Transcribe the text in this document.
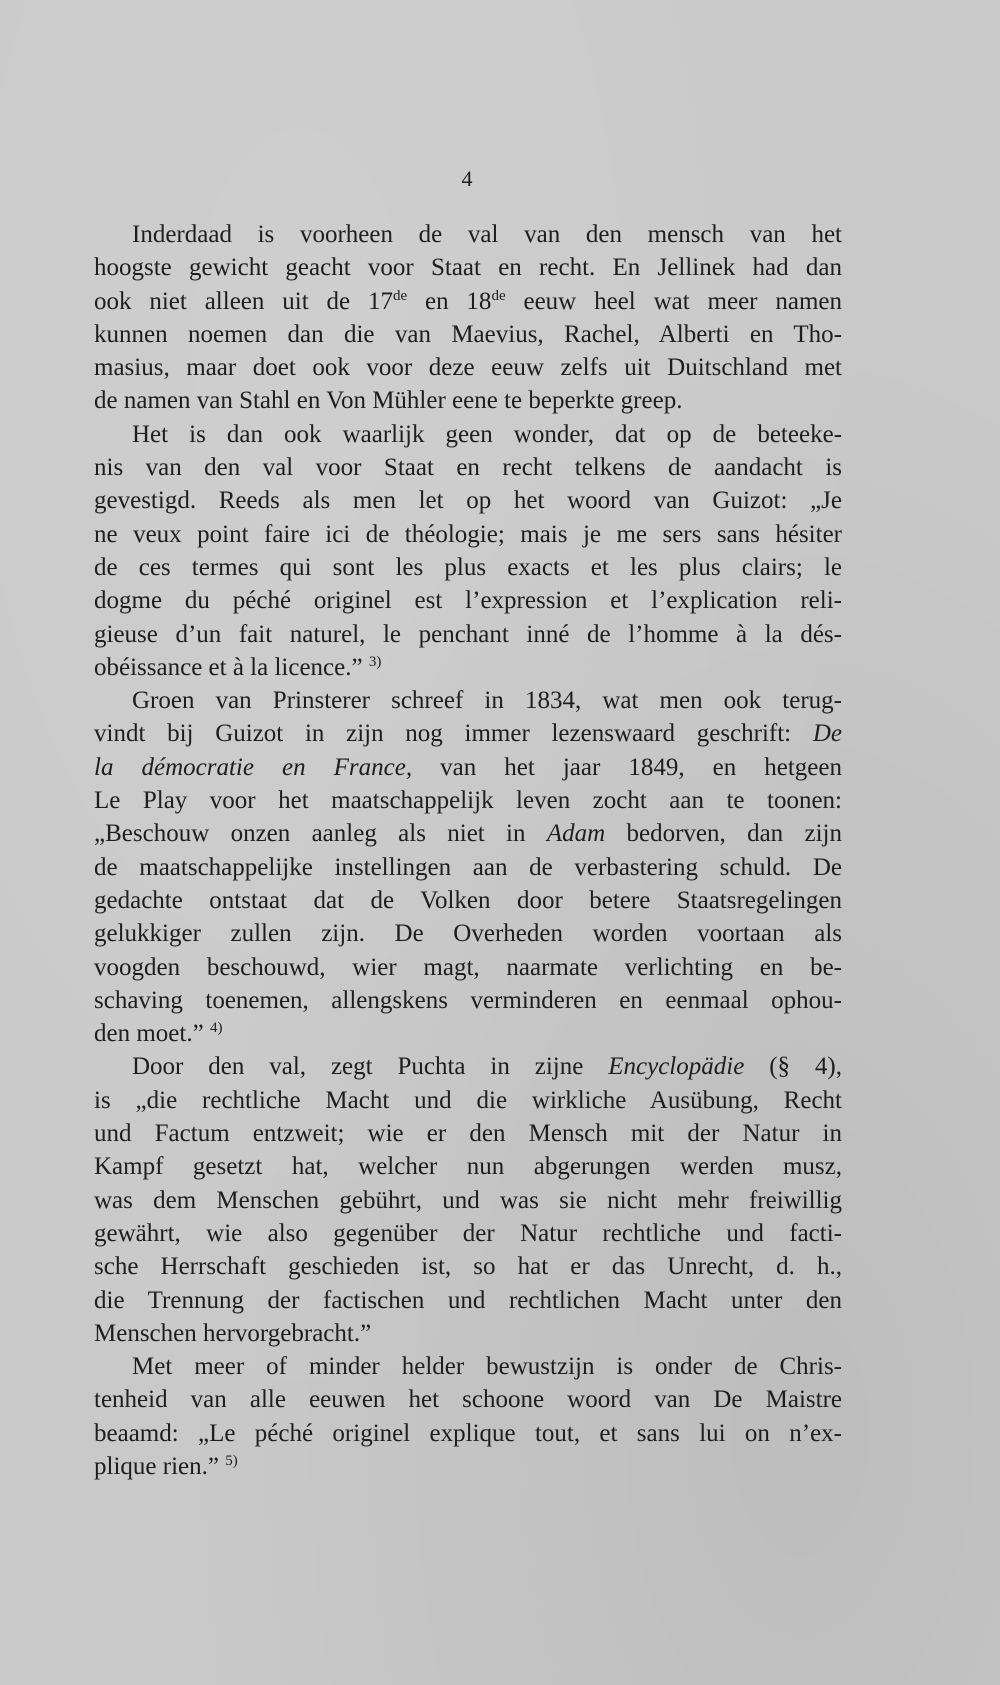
4
Inderdaad is voorheen de val van den mensch van het
hoogste gewicht geacht voor Staat en recht. En Jellinek had dan
ook niet alleen uit de 17de en 18de eeuw heel wat meer namen
kunnen noemen dan die van Maevius, Rachel, Alberti en Tho-
masius, maar doet ook voor deze eeuw zelfs uit Duitschland met
de namen van Stahl en Von Mühler eene te beperkte greep.
Het is dan ook waarlijk geen wonder, dat op de beteeke-
nis van den val voor Staat en recht telkens de aandacht is
gevestigd. Reeds als men let op het woord van Guizot: „Je
ne veux point faire ici de théologie; mais je me sers sans hésiter
de ces termes qui sont les plus exacts et les plus clairs; le
dogme du péché originel est l’expression et l’explication reli-
gieuse d’un fait naturel, le penchant inné de l’homme à la dés-
obéissance et à la licence.” $^{3)}$
Groen van Prinsterer schreef in 1834, wat men ook terug-
vindt bij Guizot in zijn nog immer lezenswaard geschrift: De
la démocratie en France, van het jaar 1849, en hetgeen
Le Play voor het maatschappelijk leven zocht aan te toonen:
„Beschouw onzen aanleg als niet in Adam bedorven, dan zijn
de maatschappelijke instellingen aan de verbastering schuld. De
gedachte ontstaat dat de Volken door betere Staatsregelingen
gelukkiger zullen zijn. De Overheden worden voortaan als
voogden beschouwd, wier magt, naarmate verlichting en be-
schaving toenemen, allengskens verminderen en eenmaal ophou-
den moet.” $^{4)}$
Door den val, zegt Puchta in zijne Encyclopädie (§ 4),
is „die rechtliche Macht und die wirkliche Ausübung, Recht
und Factum entzweit; wie er den Mensch mit der Natur in
Kampf gesetzt hat, welcher nun abgerungen werden musz,
was dem Menschen gebührt, und was sie nicht mehr freiwillig
gewährt, wie also gegenüber der Natur rechtliche und facti-
sche Herrschaft geschieden ist, so hat er das Unrecht, d. h.,
die Trennung der factischen und rechtlichen Macht unter den
Menschen hervorgebracht.”
Met meer of minder helder bewustzijn is onder de Chris-
tenheid van alle eeuwen het schoone woord van De Maistre
beaamd: „Le péché originel explique tout, et sans lui on n’ex-
plique rien.” $^{5)}$
